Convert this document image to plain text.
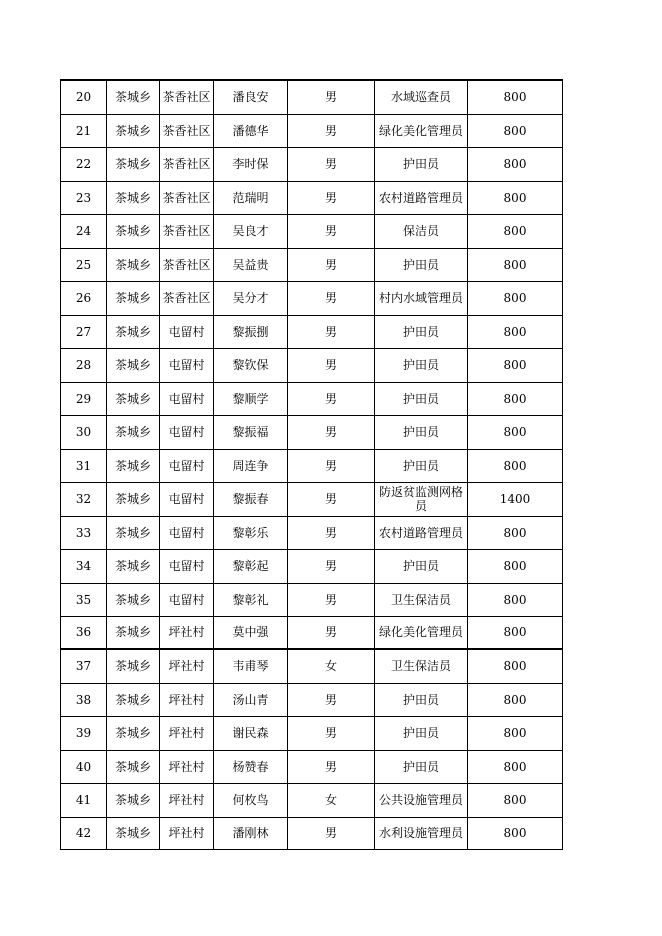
20	茶城乡	茶香社区	潘良安	男	水域巡查员	800
21	茶城乡	茶香社区	潘德华	男	绿化美化管理员	800
22	茶城乡	茶香社区	李时保	男	护田员	800
23	茶城乡	茶香社区	范瑞明	男	农村道路管理员	800
24	茶城乡	茶香社区	吴良才	男	保洁员	800
25	茶城乡	茶香社区	吴益贵	男	护田员	800
26	茶城乡	茶香社区	吴分才	男	村内水域管理员	800
27	茶城乡	屯留村	黎振捌	男	护田员	800
28	茶城乡	屯留村	黎钦保	男	护田员	800
29	茶城乡	屯留村	黎顺学	男	护田员	800
30	茶城乡	屯留村	黎振福	男	护田员	800
31	茶城乡	屯留村	周连争	男	护田员	800
32	茶城乡	屯留村	黎振春	男	防返贫监测网格员	1400
33	茶城乡	屯留村	黎彰乐	男	农村道路管理员	800
34	茶城乡	屯留村	黎彰起	男	护田员	800
35	茶城乡	屯留村	黎彰礼	男	卫生保洁员	800
36	茶城乡	坪社村	莫中强	男	绿化美化管理员	800
37	茶城乡	坪社村	韦甫琴	女	卫生保洁员	800
38	茶城乡	坪社村	汤山青	男	护田员	800
39	茶城乡	坪社村	谢民森	男	护田员	800
40	茶城乡	坪社村	杨赞春	男	护田员	800
41	茶城乡	坪社村	何枚鸟	女	公共设施管理员	800
42	茶城乡	坪社村	潘刚林	男	水利设施管理员	800
